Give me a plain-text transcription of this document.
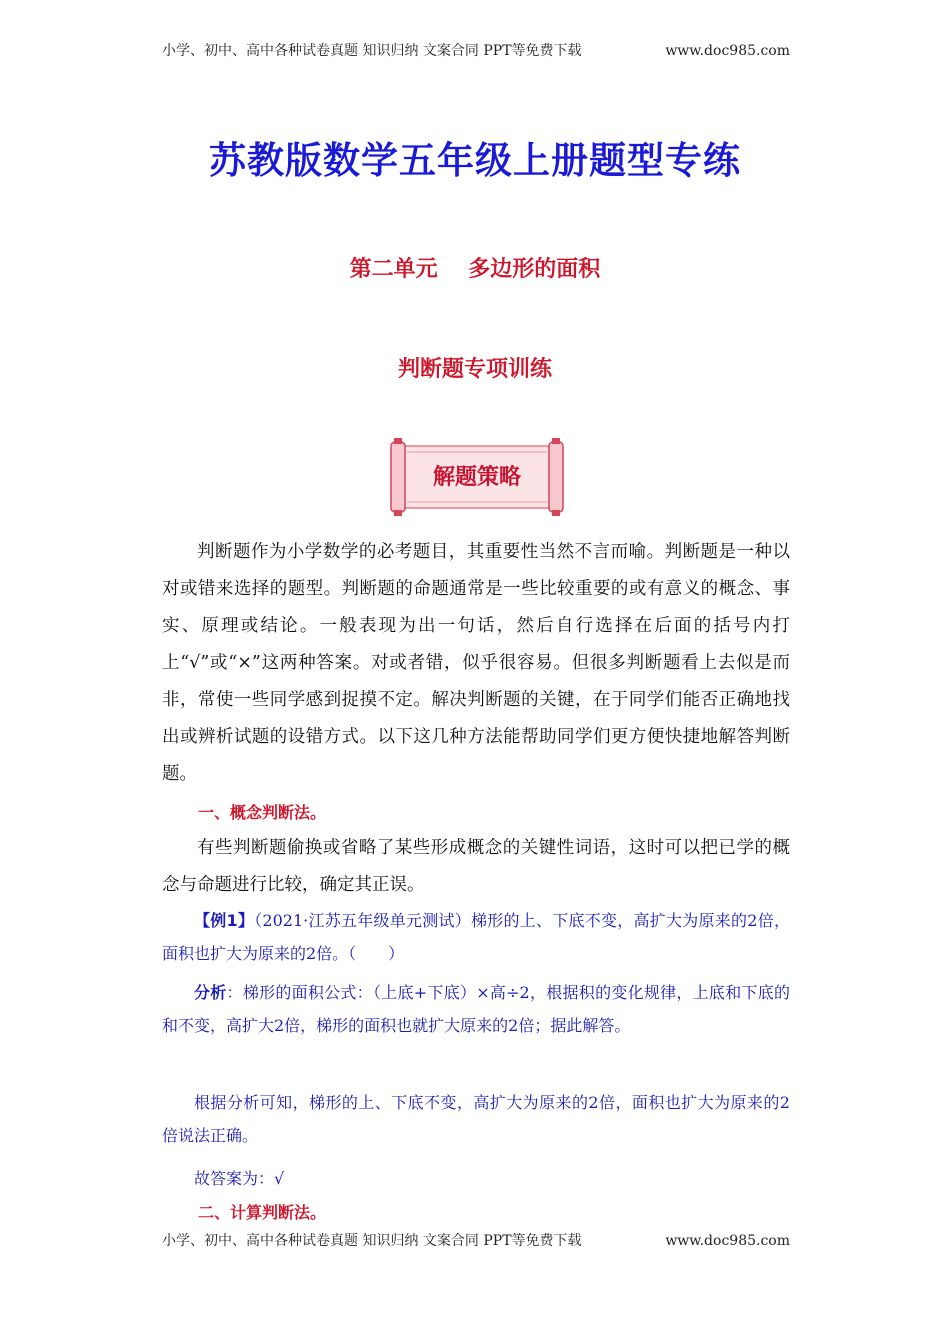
小学、初中、高中各种试卷真题 知识归纳 文案合同 PPT等免费下载	www.doc985.com
苏教版数学五年级上册题型专练
第二单元    多边形的面积
判断题专项训练
解题策略

判断题作为小学数学的必考题目，其重要性当然不言而喻。判断题是一种以对或错来选择的题型。判断题的命题通常是一些比较重要的或有意义的概念、事实、原理或结论。一般表现为出一句话，然后自行选择在后面的括号内打上“√”或“×”这两种答案。对或者错，似乎很容易。但很多判断题看上去似是而非，常使一些同学感到捉摸不定。解决判断题的关键，在于同学们能否正确地找出或辨析试题的设错方式。以下这几种方法能帮助同学们更方便快捷地解答判断题。

一、概念判断法。

有些判断题偷换或省略了某些形成概念的关键性词语，这时可以把已学的概念与命题进行比较，确定其正误。

【例1】（2021·江苏五年级单元测试）梯形的上、下底不变，高扩大为原来的2倍，面积也扩大为原来的2倍。（　　）

分析：梯形的面积公式：（上底+下底）×高÷2，根据积的变化规律，上底和下底的和不变，高扩大2倍，梯形的面积也就扩大原来的2倍；据此解答。

根据分析可知，梯形的上、下底不变，高扩大为原来的2倍，面积也扩大为原来的2倍说法正确。

故答案为：√

二、计算判断法。
小学、初中、高中各种试卷真题 知识归纳 文案合同 PPT等免费下载	www.doc985.com
